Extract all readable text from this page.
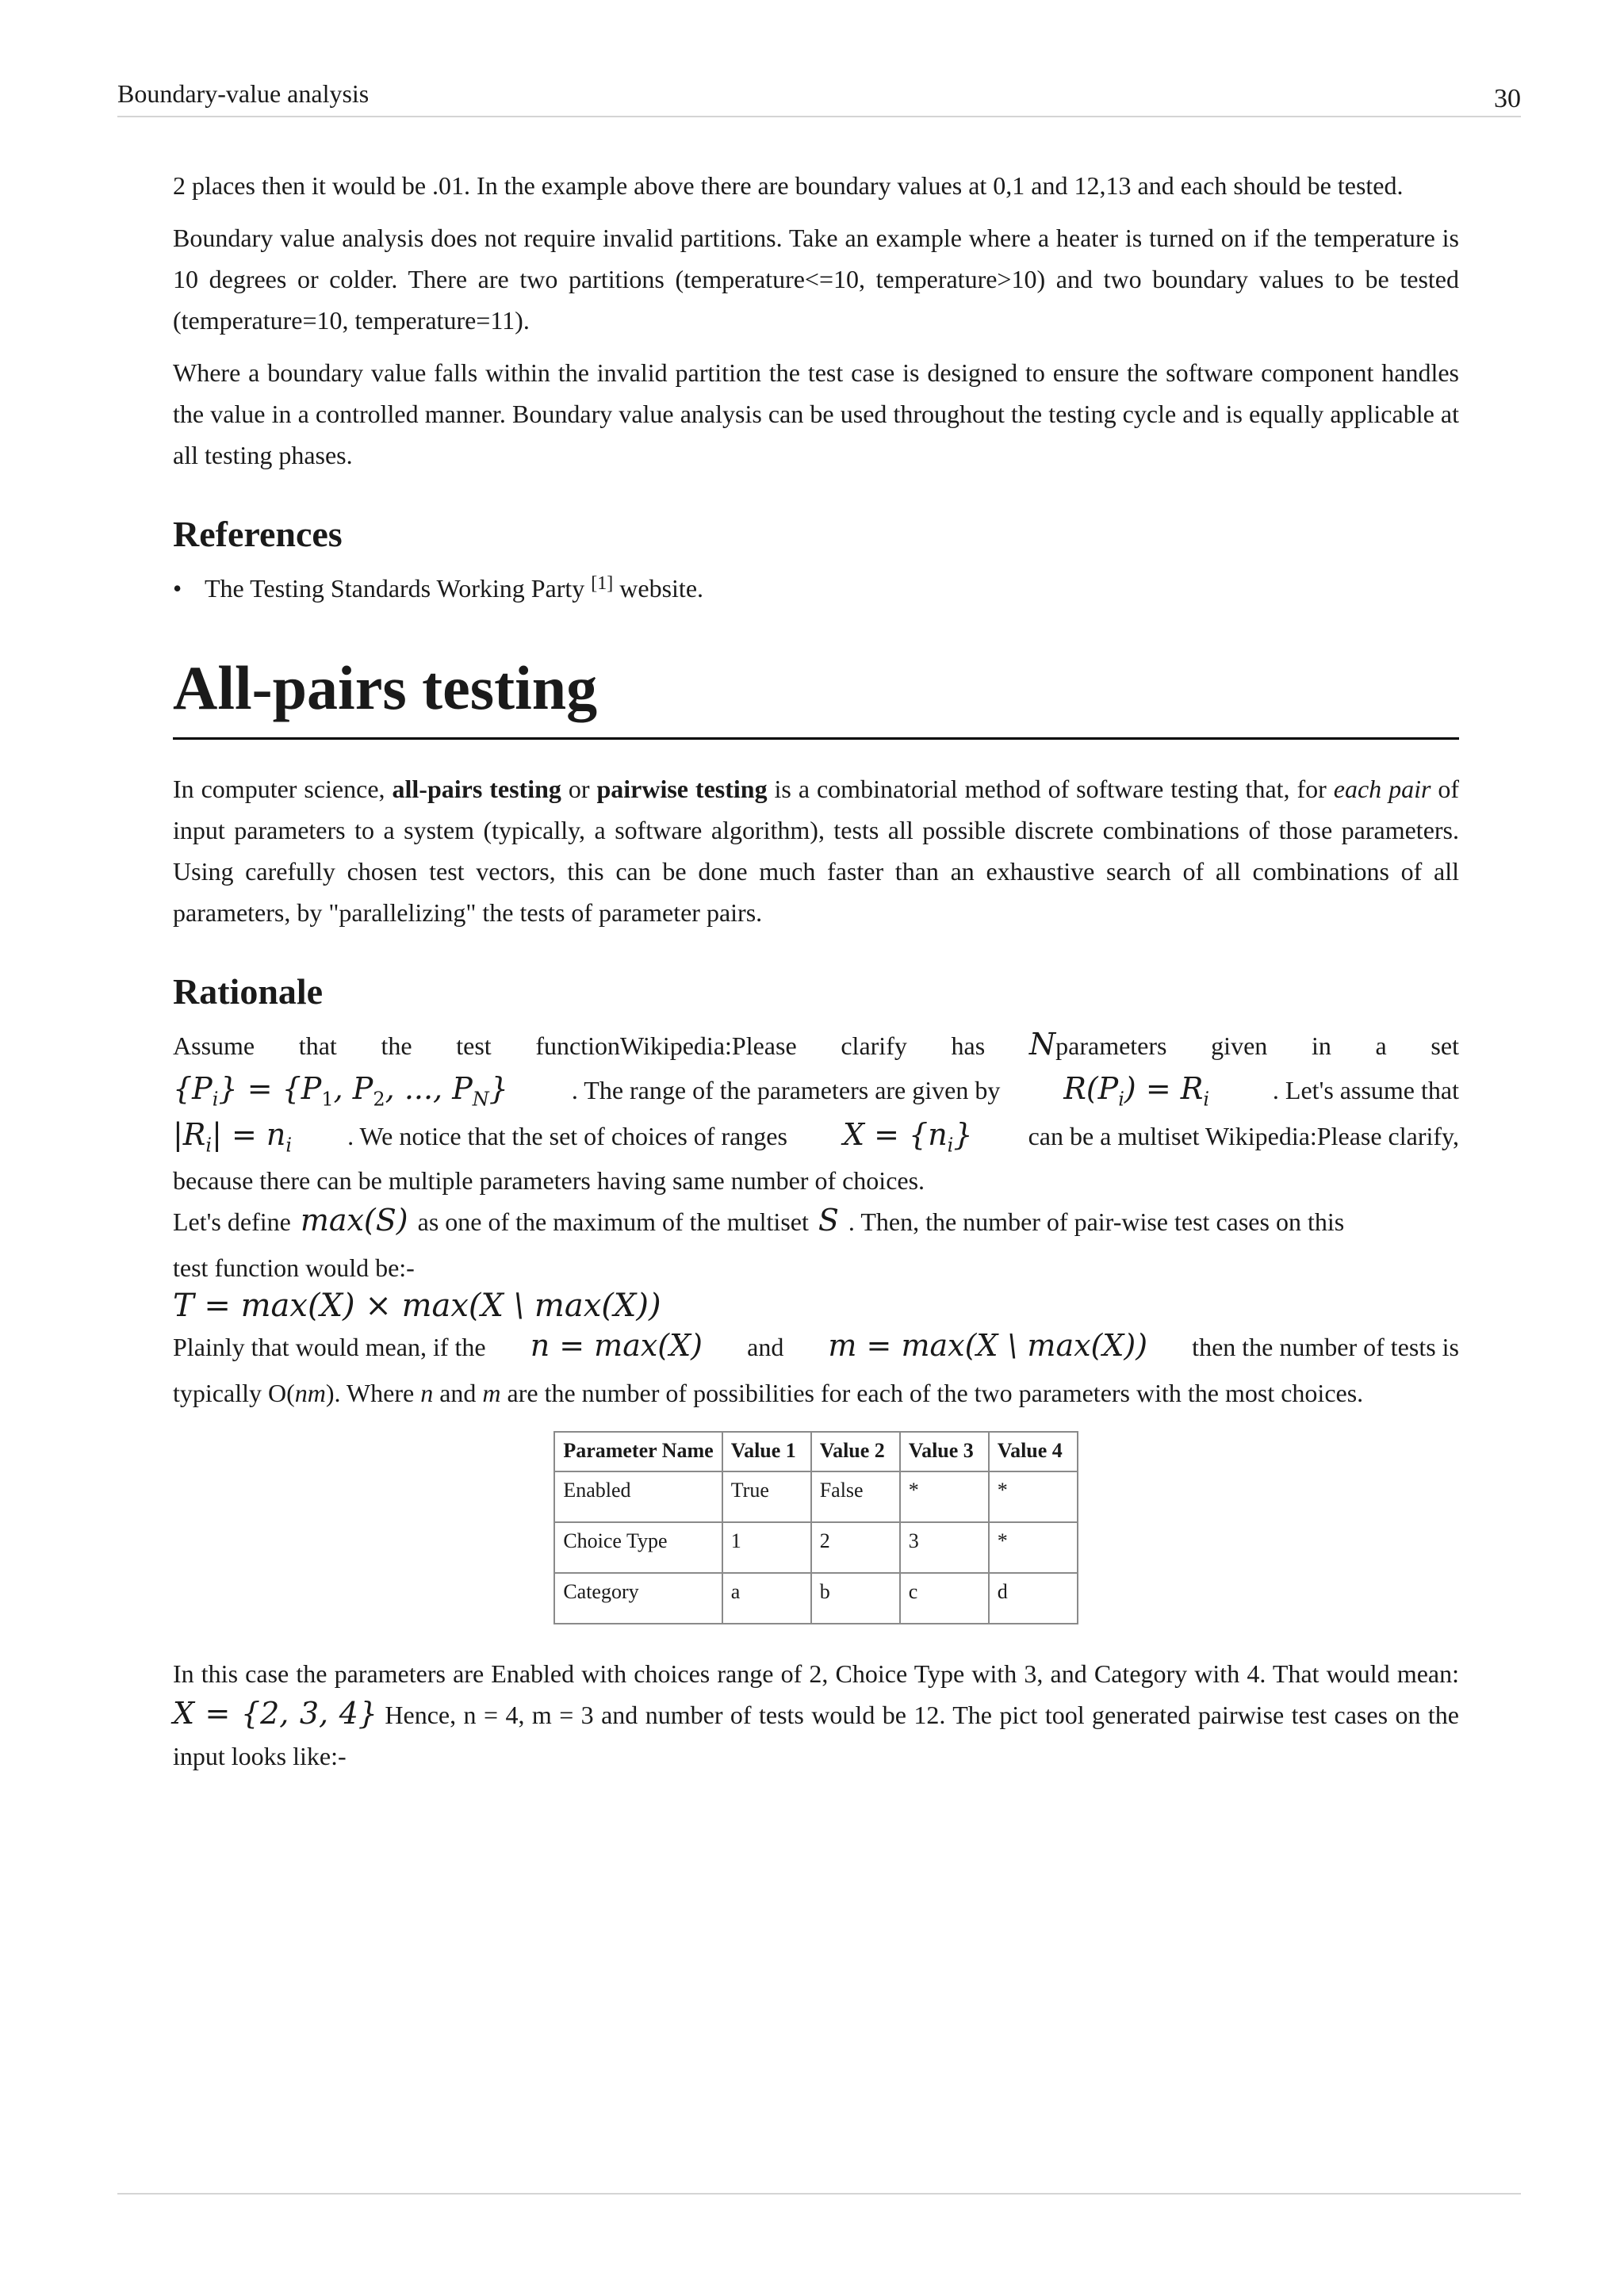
Boundary-value analysis	30

2 places then it would be .01. In the example above there are boundary values at 0,1 and 12,13 and each should be tested.

Boundary value analysis does not require invalid partitions. Take an example where a heater is turned on if the temperature is 10 degrees or colder. There are two partitions (temperature<=10, temperature>10) and two boundary values to be tested (temperature=10, temperature=11).

Where a boundary value falls within the invalid partition the test case is designed to ensure the software component handles the value in a controlled manner. Boundary value analysis can be used throughout the testing cycle and is equally applicable at all testing phases.

References
• The Testing Standards Working Party [1] website.
All-pairs testing

In computer science, all-pairs testing or pairwise testing is a combinatorial method of software testing that, for each pair of input parameters to a system (typically, a software algorithm), tests all possible discrete combinations of those parameters. Using carefully chosen test vectors, this can be done much faster than an exhaustive search of all combinations of all parameters, by "parallelizing" the tests of parameter pairs.

Rationale
Assume that the test functionWikipedia:Please clarify has Nparameters given in a set
$\{P_i\} = \{P_1$, $P_2$, ..., $P_N$} . The range of the parameters are given by $R(P_i) = R_i$ . Let's assume that
$|R_i| = n_i$ . We notice that the set of choices of ranges $X = \{n_i\}$ can be a multiset Wikipedia:Please clarify,

because there can be multiple parameters having same number of choices.

Let's define max(S) as one of the maximum of the multiset S . Then, the number of pair-wise test cases on this

test function would be:-

T = max(X) × max(X \ max(X))
Plainly that would mean, if the n = max(X) and m = max(X \ max(X)) then the number of tests is

typically O(nm). Where n and m are the number of possibilities for each of the two parameters with the most choices.

Parameter Name	Value 1	Value 2	Value 3	Value 4
Enabled	True	False	*	*
Choice Type	1	2	3	*
Category	a	b	c	d

In this case the parameters are Enabled with choices range of 2, Choice Type with 3, and Category with 4. That would mean: X = {2, 3, 4} Hence, n = 4, m = 3 and number of tests would be 12. The pict tool generated pairwise test cases on the input looks like:-
